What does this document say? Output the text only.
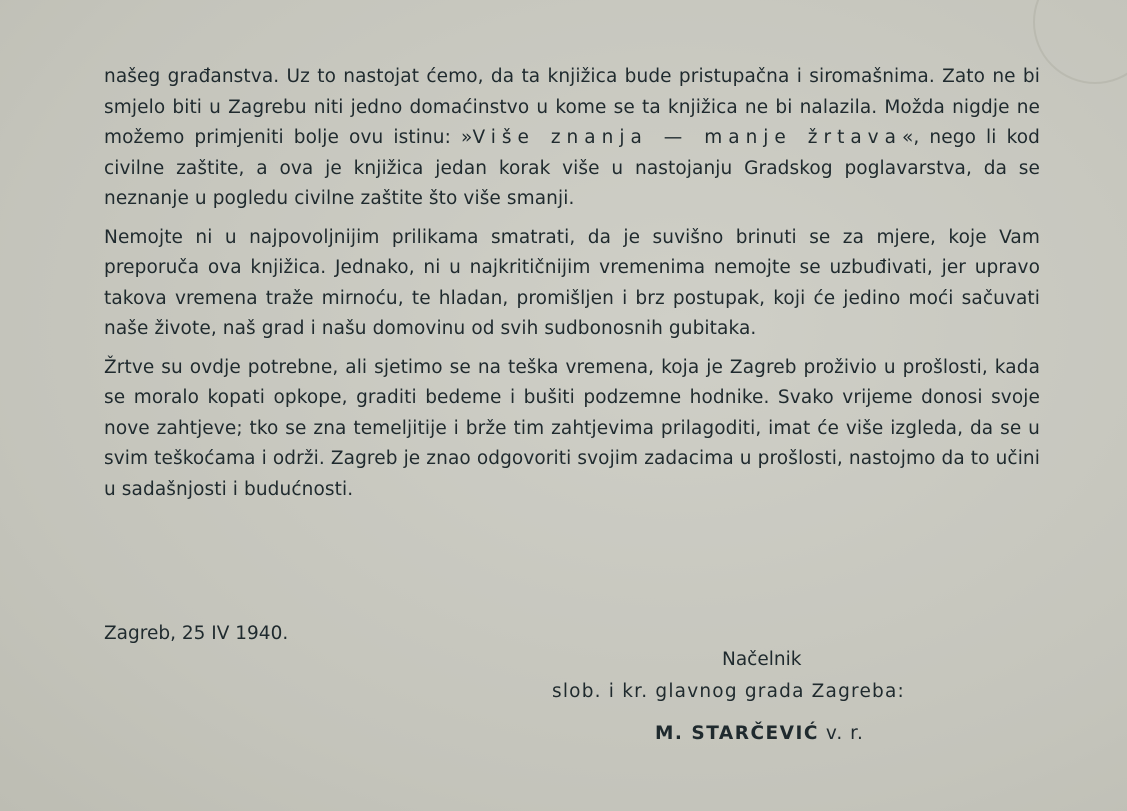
našeg građanstva. Uz to nastojat ćemo, da ta knjižica bude pristupačna i siromašnima. Zato ne bi smjelo biti u Zagrebu niti jedno domaćinstvo u kome se ta knjižica ne bi nalazila. Možda nigdje ne možemo primjeniti bolje ovu istinu: »Više znanja — manje žrtava«, nego li kod civilne zaštite, a ova je knjižica jedan korak više u nastojanju Gradskog poglavarstva, da se neznanje u pogledu civilne zaštite što više smanji.

Nemojte ni u najpovoljnijim prilikama smatrati, da je suvišno brinuti se za mjere, koje Vam preporuča ova knjižica. Jednako, ni u najkritičnijim vremenima nemojte se uzbuđivati, jer upravo takova vremena traže mirnoću, te hladan, promišljen i brz postupak, koji će jedino moći sačuvati naše živote, naš grad i našu domovinu od svih sudbonosnih gubitaka.

Žrtve su ovdje potrebne, ali sjetimo se na teška vremena, koja je Zagreb proživio u prošlosti, kada se moralo kopati opkope, graditi bedeme i bušiti podzemne hodnike. Svako vrijeme donosi svoje nove zahtjeve; tko se zna temeljitije i brže tim zahtjevima prilagoditi, imat će više izgleda, da se u svim teškoćama i održi. Zagreb je znao odgovoriti svojim zadacima u prošlosti, nastojmo da to učini u sadašnjosti i budućnosti.

Zagreb, 25 IV 1940.
Načelnik
slob. i kr. glavnog grada Zagreba:
M. STARČEVIĆ v. r.
